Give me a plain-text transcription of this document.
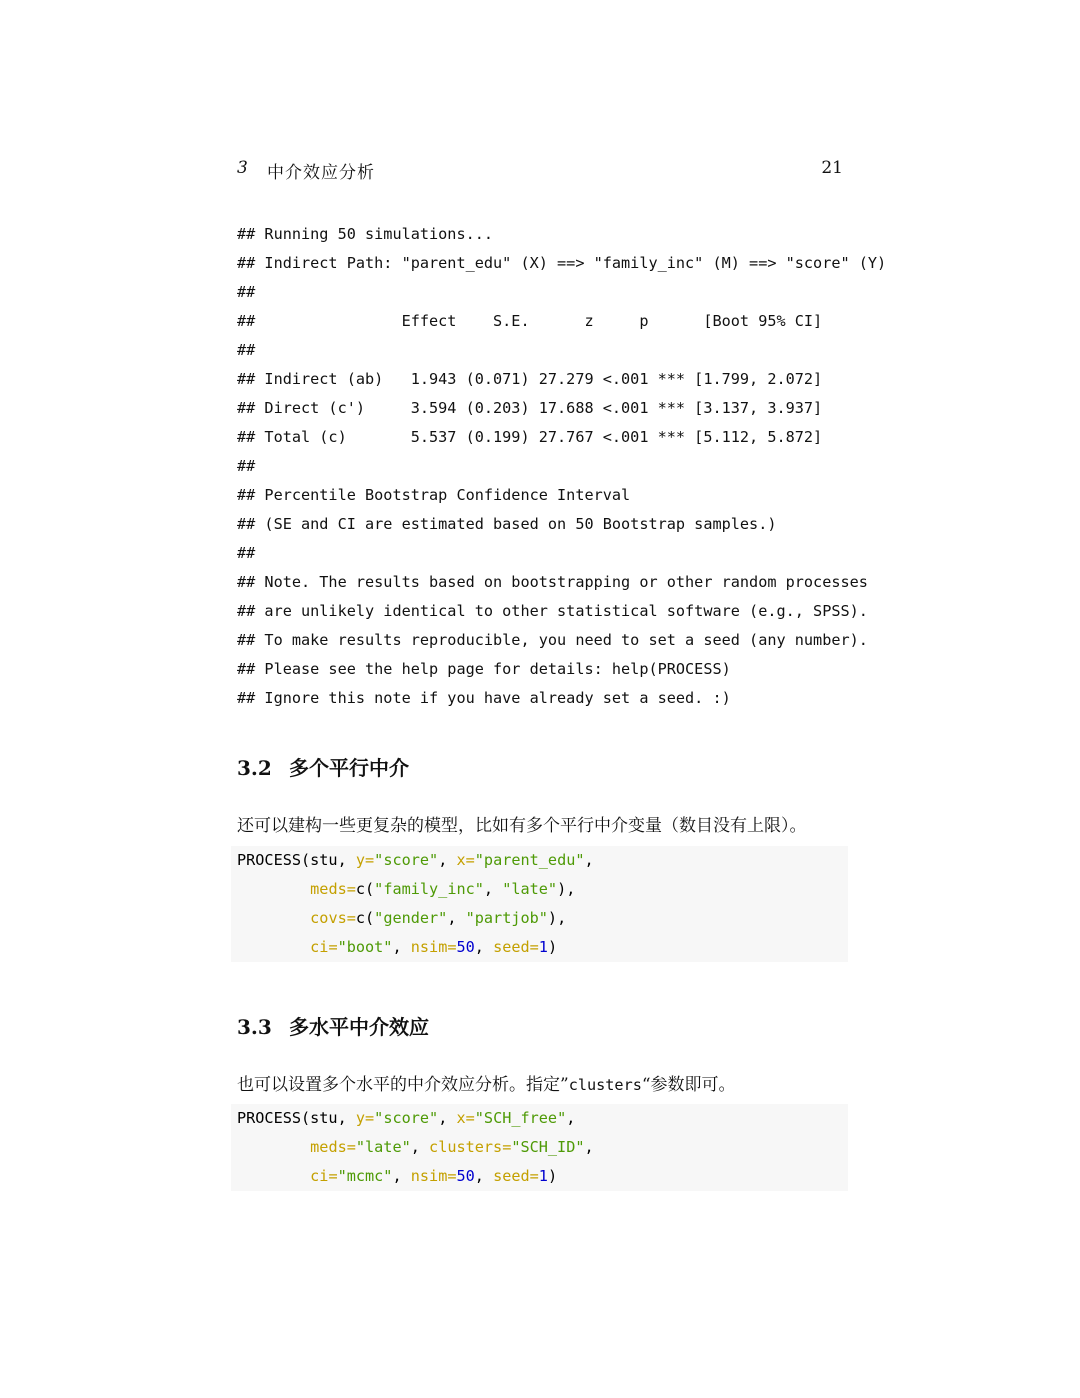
3 中介效应分析	21
## Running 50 simulations...
## Indirect Path: "parent_edu" (X) ==> "family_inc" (M) ==> "score" (Y)
##
##                Effect    S.E.      z     p      [Boot 95% CI]
##
## Indirect (ab)   1.943 (0.071) 27.279 <.001 *** [1.799, 2.072]
## Direct (c')     3.594 (0.203) 17.688 <.001 *** [3.137, 3.937]
## Total (c)       5.537 (0.199) 27.767 <.001 *** [5.112, 5.872]
##
## Percentile Bootstrap Confidence Interval
## (SE and CI are estimated based on 50 Bootstrap samples.)
##
## Note. The results based on bootstrapping or other random processes
## are unlikely identical to other statistical software (e.g., SPSS).
## To make results reproducible, you need to set a seed (any number).
## Please see the help page for details: help(PROCESS)
## Ignore this note if you have already set a seed. :)
3.2 多个平行中介
还可以建构一些更复杂的模型，比如有多个平行中介变量（数目没有上限）。
PROCESS(stu, y="score", x="parent_edu",
meds=c("family_inc", "late"),
covs=c("gender", "partjob"),
ci="boot", nsim=50, seed=1)
3.3 多水平中介效应
也可以设置多个水平的中介效应分析。指定”clusters“参数即可。
PROCESS(stu, y="score", x="SCH_free",
meds="late", clusters="SCH_ID",
ci="mcmc", nsim=50, seed=1)
